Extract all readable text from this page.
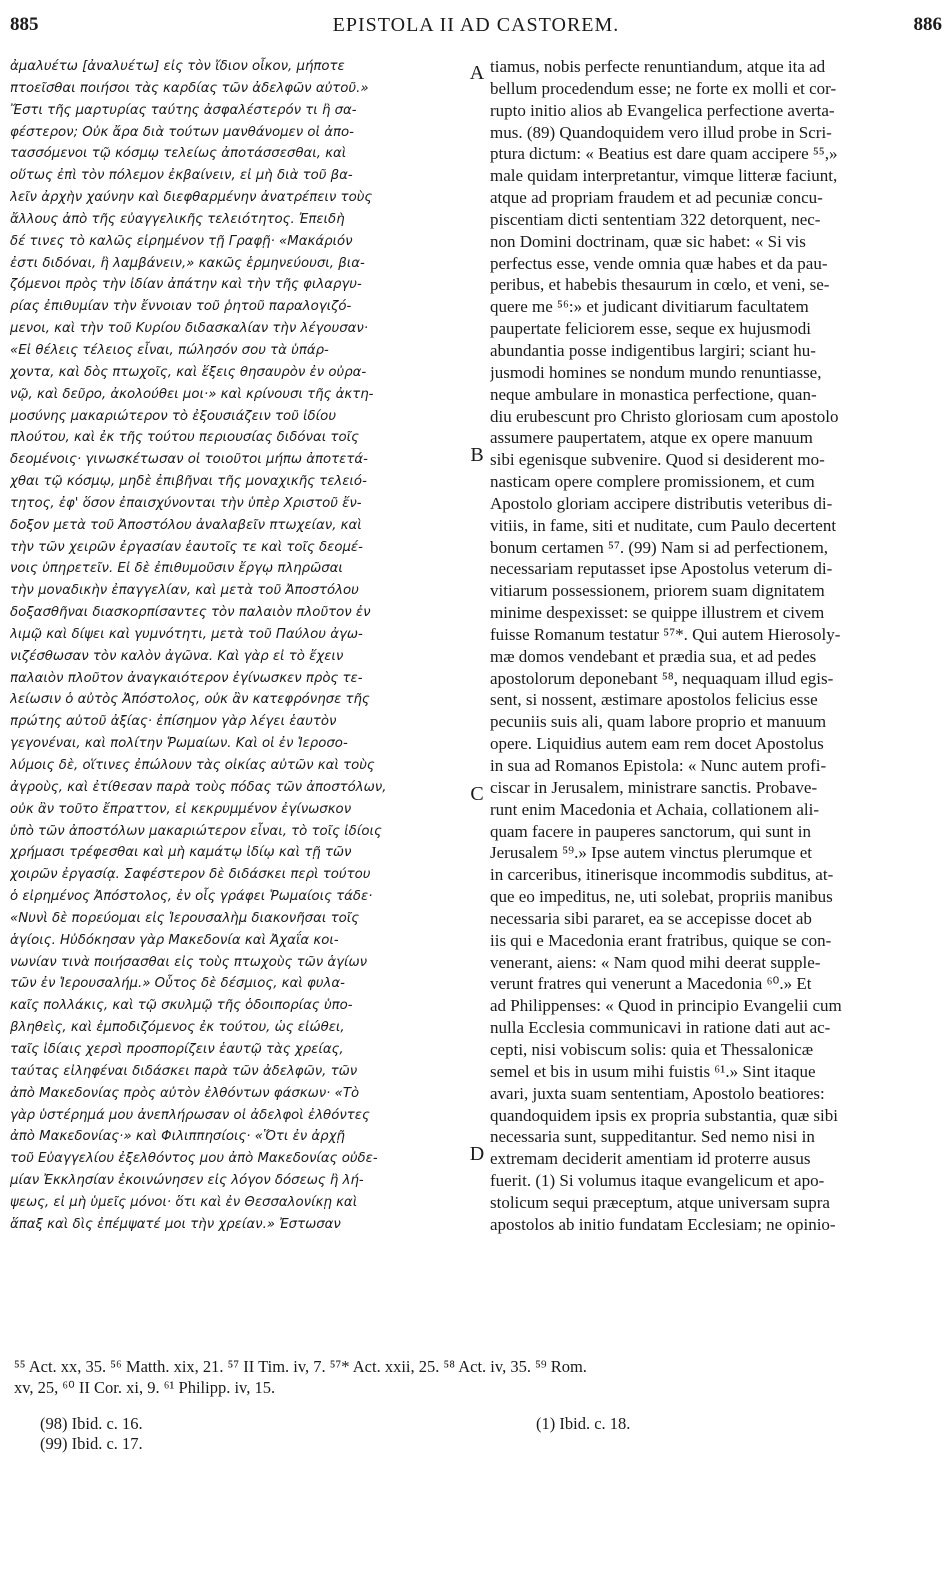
885	EPISTOLA II AD CASTOREM.	886
ἀμαλυέτω [ἀναλυέτω] εἰς τὸν ἴδιον οἶκον, μήποτε
πτοεῖσθαι ποιήσοι τὰς καρδίας τῶν ἀδελφῶν αὐτοῦ.»
Ἔστι τῆς μαρτυρίας ταύτης ἀσφαλέστερόν τι ἢ σα-
φέστερον; Οὐκ ἄρα διὰ τούτων μανθάνομεν οἱ ἀπο-
τασσόμενοι τῷ κόσμῳ τελείως ἀποτάσσεσθαι, καὶ
οὕτως ἐπὶ τὸν πόλεμον ἐκβαίνειν, εἰ μὴ διὰ τοῦ βα-
λεῖν ἀρχὴν χαύνην καὶ διεφθαρμένην ἀνατρέπειν τοὺς
ἄλλους ἀπὸ τῆς εὐαγγελικῆς τελειότητος. Ἐπειδὴ
δέ τινες τὸ καλῶς εἰρημένον τῇ Γραφῇ· «Μακάριόν
ἐστι διδόναι, ἢ λαμβάνειν,» κακῶς ἑρμηνεύουσι, βια-
ζόμενοι πρὸς τὴν ἰδίαν ἀπάτην καὶ τὴν τῆς φιλαργυ-
ρίας ἐπιθυμίαν τὴν ἔννοιαν τοῦ ῥητοῦ παραλογιζό-
μενοι, καὶ τὴν τοῦ Κυρίου διδασκαλίαν τὴν λέγουσαν·
«Εἰ θέλεις τέλειος εἶναι, πώλησόν σου τὰ ὑπάρ-
χοντα, καὶ δὸς πτωχοῖς, καὶ ἕξεις θησαυρὸν ἐν οὐρα-
νῷ, καὶ δεῦρο, ἀκολούθει μοι·» καὶ κρίνουσι τῆς ἀκτη-
μοσύνης μακαριώτερον τὸ ἐξουσιάζειν τοῦ ἰδίου
πλούτου, καὶ ἐκ τῆς τούτου περιουσίας διδόναι τοῖς
δεομένοις· γινωσκέτωσαν οἱ τοιοῦτοι μήπω ἀποτετά-
χθαι τῷ κόσμῳ, μηδὲ ἐπιβῆναι τῆς μοναχικῆς τελειό-
τητος, ἐφ' ὅσον ἐπαισχύνονται τὴν ὑπὲρ Χριστοῦ ἔν-
δοξον μετὰ τοῦ Ἀποστόλου ἀναλαβεῖν πτωχείαν, καὶ
τὴν τῶν χειρῶν ἐργασίαν ἑαυτοῖς τε καὶ τοῖς δεομέ-
νοις ὑπηρετεῖν. Εἰ δὲ ἐπιθυμοῦσιν ἔργῳ πληρῶσαι
τὴν μοναδικὴν ἐπαγγελίαν, καὶ μετὰ τοῦ Ἀποστόλου
δοξασθῆναι διασκορπίσαντες τὸν παλαιὸν πλοῦτον ἐν
λιμῷ καὶ δίψει καὶ γυμνότητι, μετὰ τοῦ Παύλου ἀγω-
νιζέσθωσαν τὸν καλὸν ἀγῶνα. Καὶ γὰρ εἰ τὸ ἔχειν
παλαιὸν πλοῦτον ἀναγκαιότερον ἐγίνωσκεν πρὸς τε-
λείωσιν ὁ αὐτὸς Ἀπόστολος, οὐκ ἂν κατεφρόνησε τῆς
πρώτης αὐτοῦ ἀξίας· ἐπίσημον γὰρ λέγει ἑαυτὸν
γεγονέναι, καὶ πολίτην Ῥωμαίων. Καὶ οἱ ἐν Ἱεροσο-
λύμοις δὲ, οἵτινες ἐπώλουν τὰς οἰκίας αὐτῶν καὶ τοὺς
ἀγροὺς, καὶ ἐτίθεσαν παρὰ τοὺς πόδας τῶν ἀποστόλων,
οὐκ ἂν τοῦτο ἔπραττον, εἰ κεκρυμμένον ἐγίνωσκον
ὑπὸ τῶν ἀποστόλων μακαριώτερον εἶναι, τὸ τοῖς ἰδίοις
χρήμασι τρέφεσθαι καὶ μὴ καμάτῳ ἰδίῳ καὶ τῇ τῶν
χοιρῶν ἐργασίᾳ. Σαφέστερον δὲ διδάσκει περὶ τούτου
ὁ εἰρημένος Ἀπόστολος, ἐν οἷς γράφει Ῥωμαίοις τάδε·
«Νυνὶ δὲ πορεύομαι εἰς Ἱερουσαλὴμ διακονῆσαι τοῖς
ἁγίοις. Ηὐδόκησαν γὰρ Μακεδονία καὶ Ἀχαΐα κοι-
νωνίαν τινὰ ποιήσασθαι εἰς τοὺς πτωχοὺς τῶν ἁγίων
τῶν ἐν Ἱερουσαλήμ.» Οὗτος δὲ δέσμιος, καὶ φυλα-
καῖς πολλάκις, καὶ τῷ σκυλμῷ τῆς ὁδοιπορίας ὑπο-
βληθεὶς, καὶ ἐμποδιζόμενος ἐκ τούτου, ὡς εἰώθει,
ταῖς ἰδίαις χερσὶ προσπορίζειν ἑαυτῷ τὰς χρείας,
ταύτας εἰληφέναι διδάσκει παρὰ τῶν ἀδελφῶν, τῶν
ἀπὸ Μακεδονίας πρὸς αὐτὸν ἐλθόντων φάσκων· «Τὸ
γὰρ ὑστέρημά μου ἀνεπλήρωσαν οἱ ἀδελφοὶ ἐλθόντες
ἀπὸ Μακεδονίας·» καὶ Φιλιππησίοις· «Ὅτι ἐν ἀρχῇ
τοῦ Εὐαγγελίου ἐξελθόντος μου ἀπὸ Μακεδονίας οὐδε-
μίαν Ἐκκλησίαν ἐκοινώνησεν εἰς λόγον δόσεως ἢ λή-
ψεως, εἰ μὴ ὑμεῖς μόνοι· ὅτι καὶ ἐν Θεσσαλονίκῃ καὶ
ἅπαξ καὶ δὶς ἐπέμψατέ μοι τὴν χρείαν.» Ἐστωσαν
A
B
C
D
tiamus, nobis perfecte renuntiandum, atque ita ad
bellum procedendum esse; ne forte ex molli et cor-
rupto initio alios ab Evangelica perfectione averta-
mus. (89) Quandoquidem vero illud probe in Scri-
ptura dictum: « Beatius est dare quam accipere ⁵⁵,»
male quidam interpretantur, vimque litteræ faciunt,
atque ad propriam fraudem et ad pecuniæ concu-
piscentiam dicti sententiam 322 detorquent, nec-
non Domini doctrinam, quæ sic habet: « Si vis
perfectus esse, vende omnia quæ habes et da pau-
peribus, et habebis thesaurum in cœlo, et veni, se-
quere me ⁵⁶:» et judicant divitiarum facultatem
paupertate feliciorem esse, seque ex hujusmodi
abundantia posse indigentibus largiri; sciant hu-
jusmodi homines se nondum mundo renuntiasse,
neque ambulare in monastica perfectione, quan-
diu erubescunt pro Christo gloriosam cum apostolo
assumere paupertatem, atque ex opere manuum
sibi egenisque subvenire. Quod si desiderent mo-
nasticam opere complere promissionem, et cum
Apostolo gloriam accipere distributis veteribus di-
vitiis, in fame, siti et nuditate, cum Paulo decertent
bonum certamen ⁵⁷. (99) Nam si ad perfectionem,
necessariam reputasset ipse Apostolus veterum di-
vitiarum possessionem, priorem suam dignitatem
minime despexisset: se quippe illustrem et civem
fuisse Romanum testatur ⁵⁷*. Qui autem Hierosoly-
mæ domos vendebant et prædia sua, et ad pedes
apostolorum deponebant ⁵⁸, nequaquam illud egis-
sent, si nossent, æstimare apostolos felicius esse
pecuniis suis ali, quam labore proprio et manuum
opere. Liquidius autem eam rem docet Apostolus
in sua ad Romanos Epistola: « Nunc autem profi-
ciscar in Jerusalem, ministrare sanctis. Probave-
runt enim Macedonia et Achaia, collationem ali-
quam facere in pauperes sanctorum, qui sunt in
Jerusalem ⁵⁹.» Ipse autem vinctus plerumque et
in carceribus, itinerisque incommodis subditus, at-
que eo impeditus, ne, uti solebat, propriis manibus
necessaria sibi pararet, ea se accepisse docet ab
iis qui e Macedonia erant fratribus, quique se con-
venerant, aiens: « Nam quod mihi deerat supple-
verunt fratres qui venerunt a Macedonia ⁶⁰.» Et
ad Philippenses: « Quod in principio Evangelii cum
nulla Ecclesia communicavi in ratione dati aut ac-
cepti, nisi vobiscum solis: quia et Thessalonicæ
semel et bis in usum mihi fuistis ⁶¹.» Sint itaque
avari, juxta suam sententiam, Apostolo beatiores:
quandoquidem ipsis ex propria substantia, quæ sibi
necessaria sunt, suppeditantur. Sed nemo nisi in
extremam deciderit amentiam id proterre ausus
fuerit. (1) Si volumus itaque evangelicum et apo-
stolicum sequi præceptum, atque universam supra
apostolos ab initio fundatam Ecclesiam; ne opinio-
⁵⁵ Act. xx, 35. ⁵⁶ Matth. xix, 21. ⁵⁷ II Tim. iv, 7. ⁵⁷* Act. xxii, 25. ⁵⁸ Act. iv, 35. ⁵⁹ Rom.
xv, 25, ⁶⁰ II Cor. xi, 9. ⁶¹ Philipp. iv, 15.
(98) Ibid. c. 16.
(99) Ibid. c. 17.
(1) Ibid. c. 18.
